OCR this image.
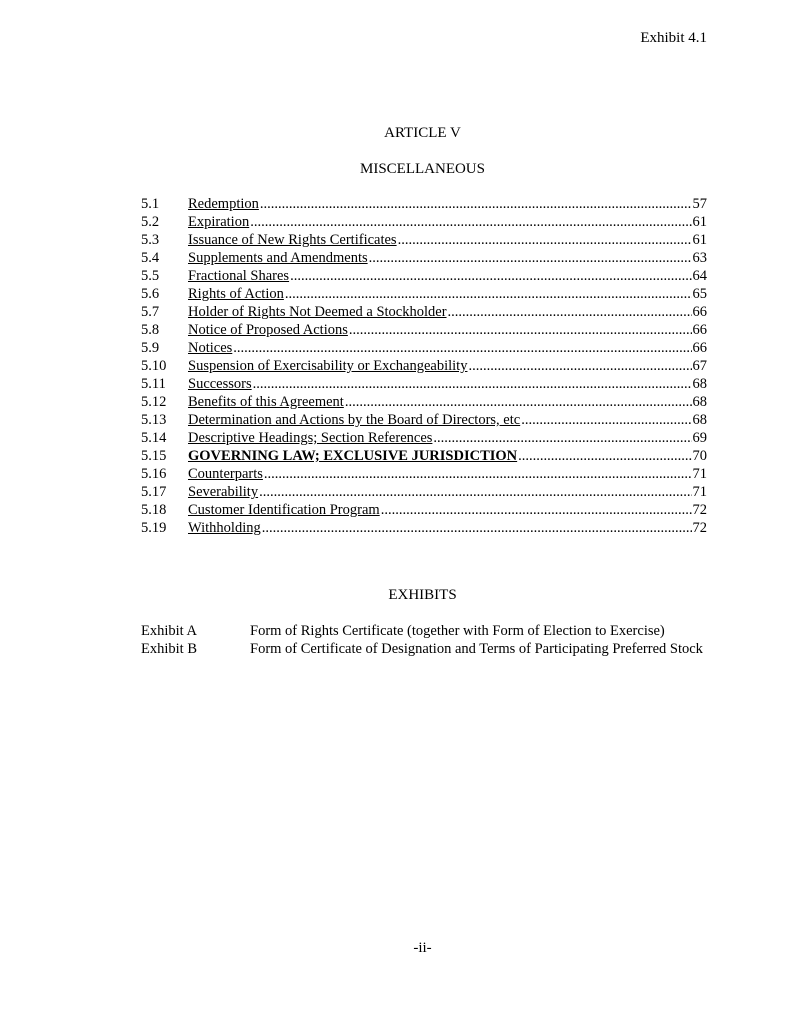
Exhibit 4.1
ARTICLE V
MISCELLANEOUS
5.1	Redemption .....	57
5.2	Expiration .....	61
5.3	Issuance of New Rights Certificates .....	61
5.4	Supplements and Amendments .....	63
5.5	Fractional Shares .....	64
5.6	Rights of Action .....	65
5.7	Holder of Rights Not Deemed a Stockholder .....	66
5.8	Notice of Proposed Actions .....	66
5.9	Notices .....	66
5.10	Suspension of Exercisability or Exchangeability .....	67
5.11	Successors .....	68
5.12	Benefits of this Agreement .....	68
5.13	Determination and Actions by the Board of Directors, etc .....	68
5.14	Descriptive Headings; Section References .....	69
5.15	GOVERNING LAW; EXCLUSIVE JURISDICTION .....	70
5.16	Counterparts .....	71
5.17	Severability .....	71
5.18	Customer Identification Program .....	72
5.19	Withholding .....	72
EXHIBITS
Exhibit A	Form of Rights Certificate (together with Form of Election to Exercise)
Exhibit B	Form of Certificate of Designation and Terms of Participating Preferred Stock
-ii-
